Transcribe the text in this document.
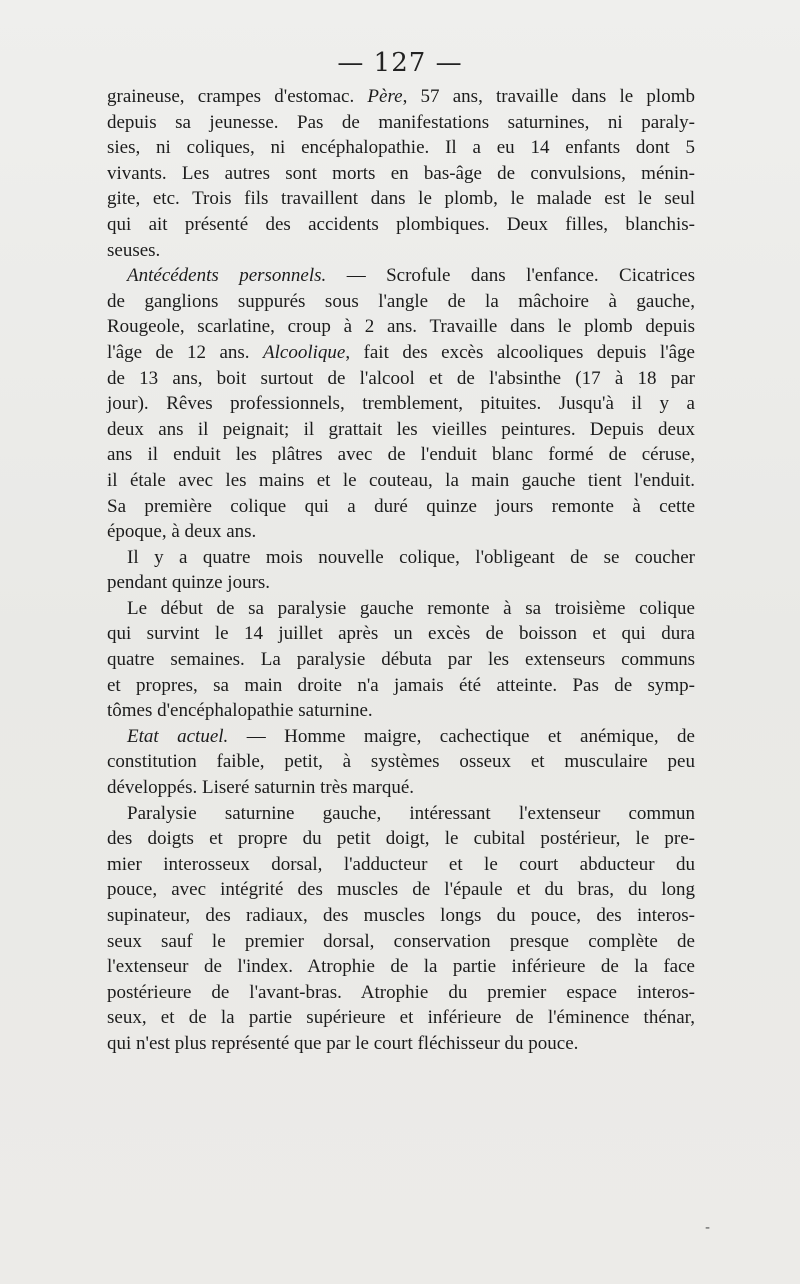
— 127 —
graineuse, crampes d'estomac. Père, 57 ans, travaille dans le plomb
depuis sa jeunesse. Pas de manifestations saturnines, ni paraly-
sies, ni coliques, ni encéphalopathie. Il a eu 14 enfants dont 5
vivants. Les autres sont morts en bas-âge de convulsions, ménin-
gite, etc. Trois fils travaillent dans le plomb, le malade est le seul
qui ait présenté des accidents plombiques. Deux filles, blanchis-
seuses.
Antécédents personnels. — Scrofule dans l'enfance. Cicatrices
de ganglions suppurés sous l'angle de la mâchoire à gauche,
Rougeole, scarlatine, croup à 2 ans. Travaille dans le plomb depuis
l'âge de 12 ans. Alcoolique, fait des excès alcooliques depuis l'âge
de 13 ans, boit surtout de l'alcool et de l'absinthe (17 à 18 par
jour). Rêves professionnels, tremblement, pituites. Jusqu'à il y a
deux ans il peignait; il grattait les vieilles peintures. Depuis deux
ans il enduit les plâtres avec de l'enduit blanc formé de céruse,
il étale avec les mains et le couteau, la main gauche tient l'enduit.
Sa première colique qui a duré quinze jours remonte à cette
époque, à deux ans.
Il y a quatre mois nouvelle colique, l'obligeant de se coucher
pendant quinze jours.
Le début de sa paralysie gauche remonte à sa troisième colique
qui survint le 14 juillet après un excès de boisson et qui dura
quatre semaines. La paralysie débuta par les extenseurs communs
et propres, sa main droite n'a jamais été atteinte. Pas de symp-
tômes d'encéphalopathie saturnine.
Etat actuel. — Homme maigre, cachectique et anémique, de
constitution faible, petit, à systèmes osseux et musculaire peu
développés. Liseré saturnin très marqué.
Paralysie saturnine gauche, intéressant l'extenseur commun
des doigts et propre du petit doigt, le cubital postérieur, le pre-
mier interosseux dorsal, l'adducteur et le court abducteur du
pouce, avec intégrité des muscles de l'épaule et du bras, du long
supinateur, des radiaux, des muscles longs du pouce, des interos-
seux sauf le premier dorsal, conservation presque complète de
l'extenseur de l'index. Atrophie de la partie inférieure de la face
postérieure de l'avant-bras. Atrophie du premier espace interos-
seux, et de la partie supérieure et inférieure de l'éminence thénar,
qui n'est plus représenté que par le court fléchisseur du pouce.
-
